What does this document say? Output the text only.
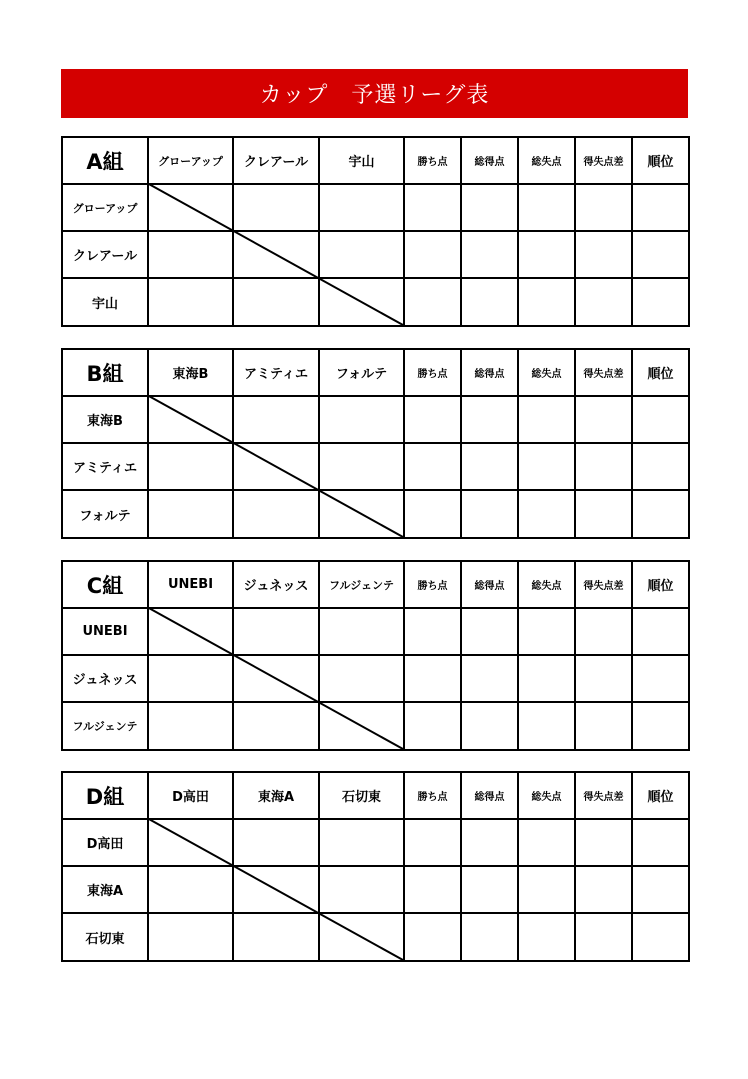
カップ　予選リーグ表
A組	グローアップ	クレアール	宇山	勝ち点	総得点	総失点	得失点差	順位
グローアップ								
クレアール								
宇山								
B組	東海B	アミティエ	フォルテ	勝ち点	総得点	総失点	得失点差	順位
東海B								
アミティエ								
フォルテ								
C組	UNEBI	ジュネッス	フルジェンテ	勝ち点	総得点	総失点	得失点差	順位
UNEBI								
ジュネッス								
フルジェンテ								
D組	D高田	東海A	石切東	勝ち点	総得点	総失点	得失点差	順位
D高田								
東海A								
石切東								
